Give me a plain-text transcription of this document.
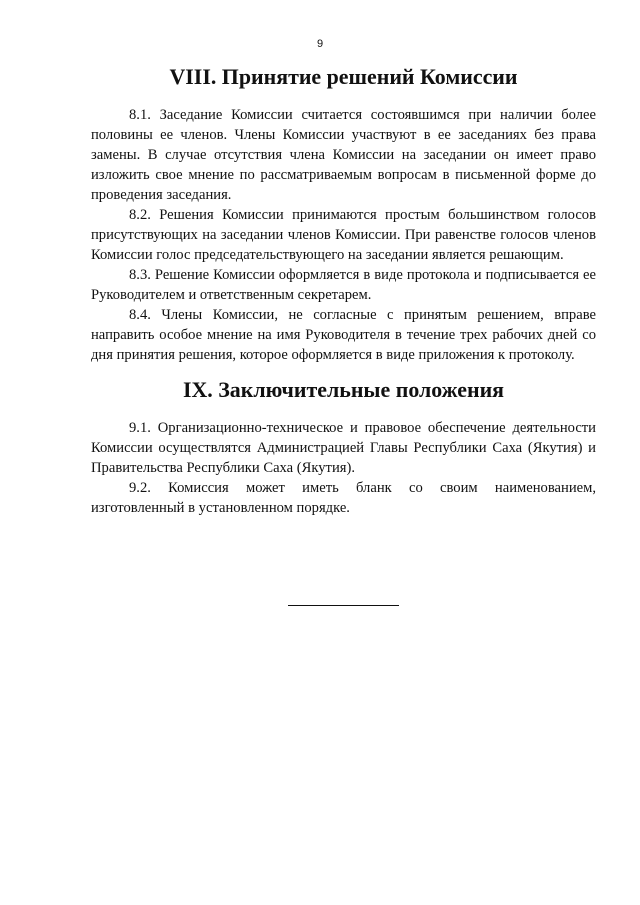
9
VIII. Принятие решений Комиссии

8.1. Заседание Комиссии считается состоявшимся при наличии более половины ее членов. Члены Комиссии участвуют в ее заседаниях без права замены. В случае отсутствия члена Комиссии на заседании он имеет право изложить свое мнение по рассматриваемым вопросам в письменной форме до проведения заседания.

8.2. Решения Комиссии принимаются простым большинством голосов присутствующих на заседании членов Комиссии. При равенстве голосов членов Комиссии голос председательствующего на заседании является решающим.

8.3. Решение Комиссии оформляется в виде протокола и подписывается ее Руководителем и ответственным секретарем.

8.4. Члены Комиссии, не согласные с принятым решением, вправе направить особое мнение на имя Руководителя в течение трех рабочих дней со дня принятия решения, которое оформляется в виде приложения к протоколу.

IX. Заключительные положения

9.1. Организационно-техническое и правовое обеспечение деятельности Комиссии осуществлятся Администрацией Главы Республики Саха (Якутия) и Правительства Республики Саха (Якутия).

9.2. Комиссия может иметь бланк со своим наименованием, изготовленный в установленном порядке.
